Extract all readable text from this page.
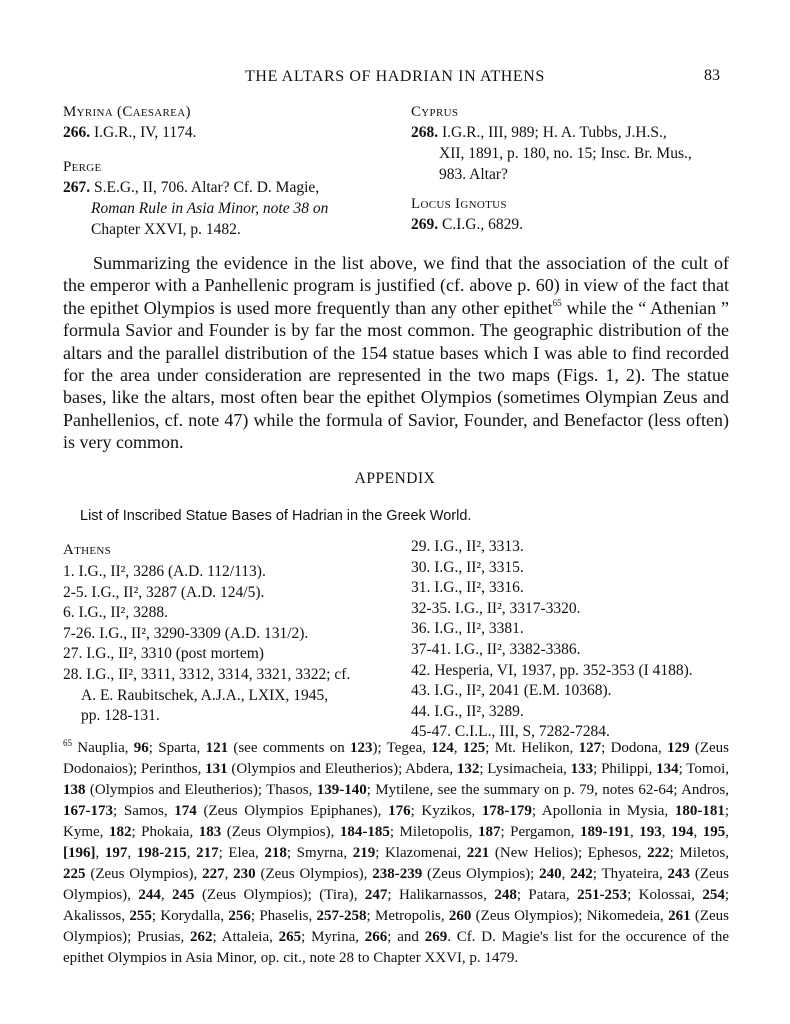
THE ALTARS OF HADRIAN IN ATHENS	83
Myrina (Caesarea)
266. I.G.R., IV, 1174.
Perge
267. S.E.G., II, 706. Altar? Cf. D. Magie,
Roman Rule in Asia Minor, note 38 on
Chapter XXVI, p. 1482.
Cyprus
268. I.G.R., III, 989; H. A. Tubbs, J.H.S.,
XII, 1891, p. 180, no. 15; Insc. Br. Mus.,
983. Altar?
Locus Ignotus
269. C.I.G., 6829.
Summarizing the evidence in the list above, we find that the association of the cult of the emperor with a Panhellenic program is justified (cf. above p. 60) in view of the fact that the epithet Olympios is used more frequently than any other epithet$^{65}$ while the “ Athenian ” formula Savior and Founder is by far the most common. The geographic distribution of the altars and the parallel distribution of the 154 statue bases which I was able to find recorded for the area under consideration are represented in the two maps (Figs. 1, 2). The statue bases, like the altars, most often bear the epithet Olympios (sometimes Olympian Zeus and Panhellenios, cf. note 47) while the formula of Savior, Founder, and Benefactor (less often) is very common.
APPENDIX
List of Inscribed Statue Bases of Hadrian in the Greek World.
Athens
1. I.G., II², 3286 (A.D. 112/113).
2-5. I.G., II², 3287 (A.D. 124/5).
6. I.G., II², 3288.
7-26. I.G., II², 3290-3309 (A.D. 131/2).
27. I.G., II², 3310 (post mortem)
28. I.G., II², 3311, 3312, 3314, 3321, 3322; cf.
A. E. Raubitschek, A.J.A., LXIX, 1945,
pp. 128-131.
29. I.G., II², 3313.
30. I.G., II², 3315.
31. I.G., II², 3316.
32-35. I.G., II², 3317-3320.
36. I.G., II², 3381.
37-41. I.G., II², 3382-3386.
42. Hesperia, VI, 1937, pp. 352-353 (I 4188).
43. I.G., II², 2041 (E.M. 10368).
44. I.G., II², 3289.
45-47. C.I.L., III, S, 7282-7284.
$^{65}$ Nauplia, 96; Sparta, 121 (see comments on 123); Tegea, 124, 125; Mt. Helikon, 127; Dodona, 129 (Zeus Dodonaios); Perinthos, 131 (Olympios and Eleutherios); Abdera, 132; Lysimacheia, 133; Philippi, 134; Tomoi, 138 (Olympios and Eleutherios); Thasos, 139-140; Mytilene, see the summary on p. 79, notes 62-64; Andros, 167-173; Samos, 174 (Zeus Olympios Epiphanes), 176; Kyzikos, 178-179; Apollonia in Mysia, 180-181; Kyme, 182; Phokaia, 183 (Zeus Olympios), 184-185; Miletopolis, 187; Pergamon, 189-191, 193, 194, 195, [196], 197, 198-215, 217; Elea, 218; Smyrna, 219; Klazomenai, 221 (New Helios); Ephesos, 222; Miletos, 225 (Zeus Olympios), 227, 230 (Zeus Olympios), 238-239 (Zeus Olympios); 240, 242; Thyateira, 243 (Zeus Olympios), 244, 245 (Zeus Olympios); (Tira), 247; Halikarnassos, 248; Patara, 251-253; Kolossai, 254; Akalissos, 255; Korydalla, 256; Phaselis, 257-258; Metropolis, 260 (Zeus Olympios); Nikomedeia, 261 (Zeus Olympios); Prusias, 262; Attaleia, 265; Myrina, 266; and 269. Cf. D. Magie's list for the occurence of the epithet Olympios in Asia Minor, op. cit., note 28 to Chapter XXVI, p. 1479.
